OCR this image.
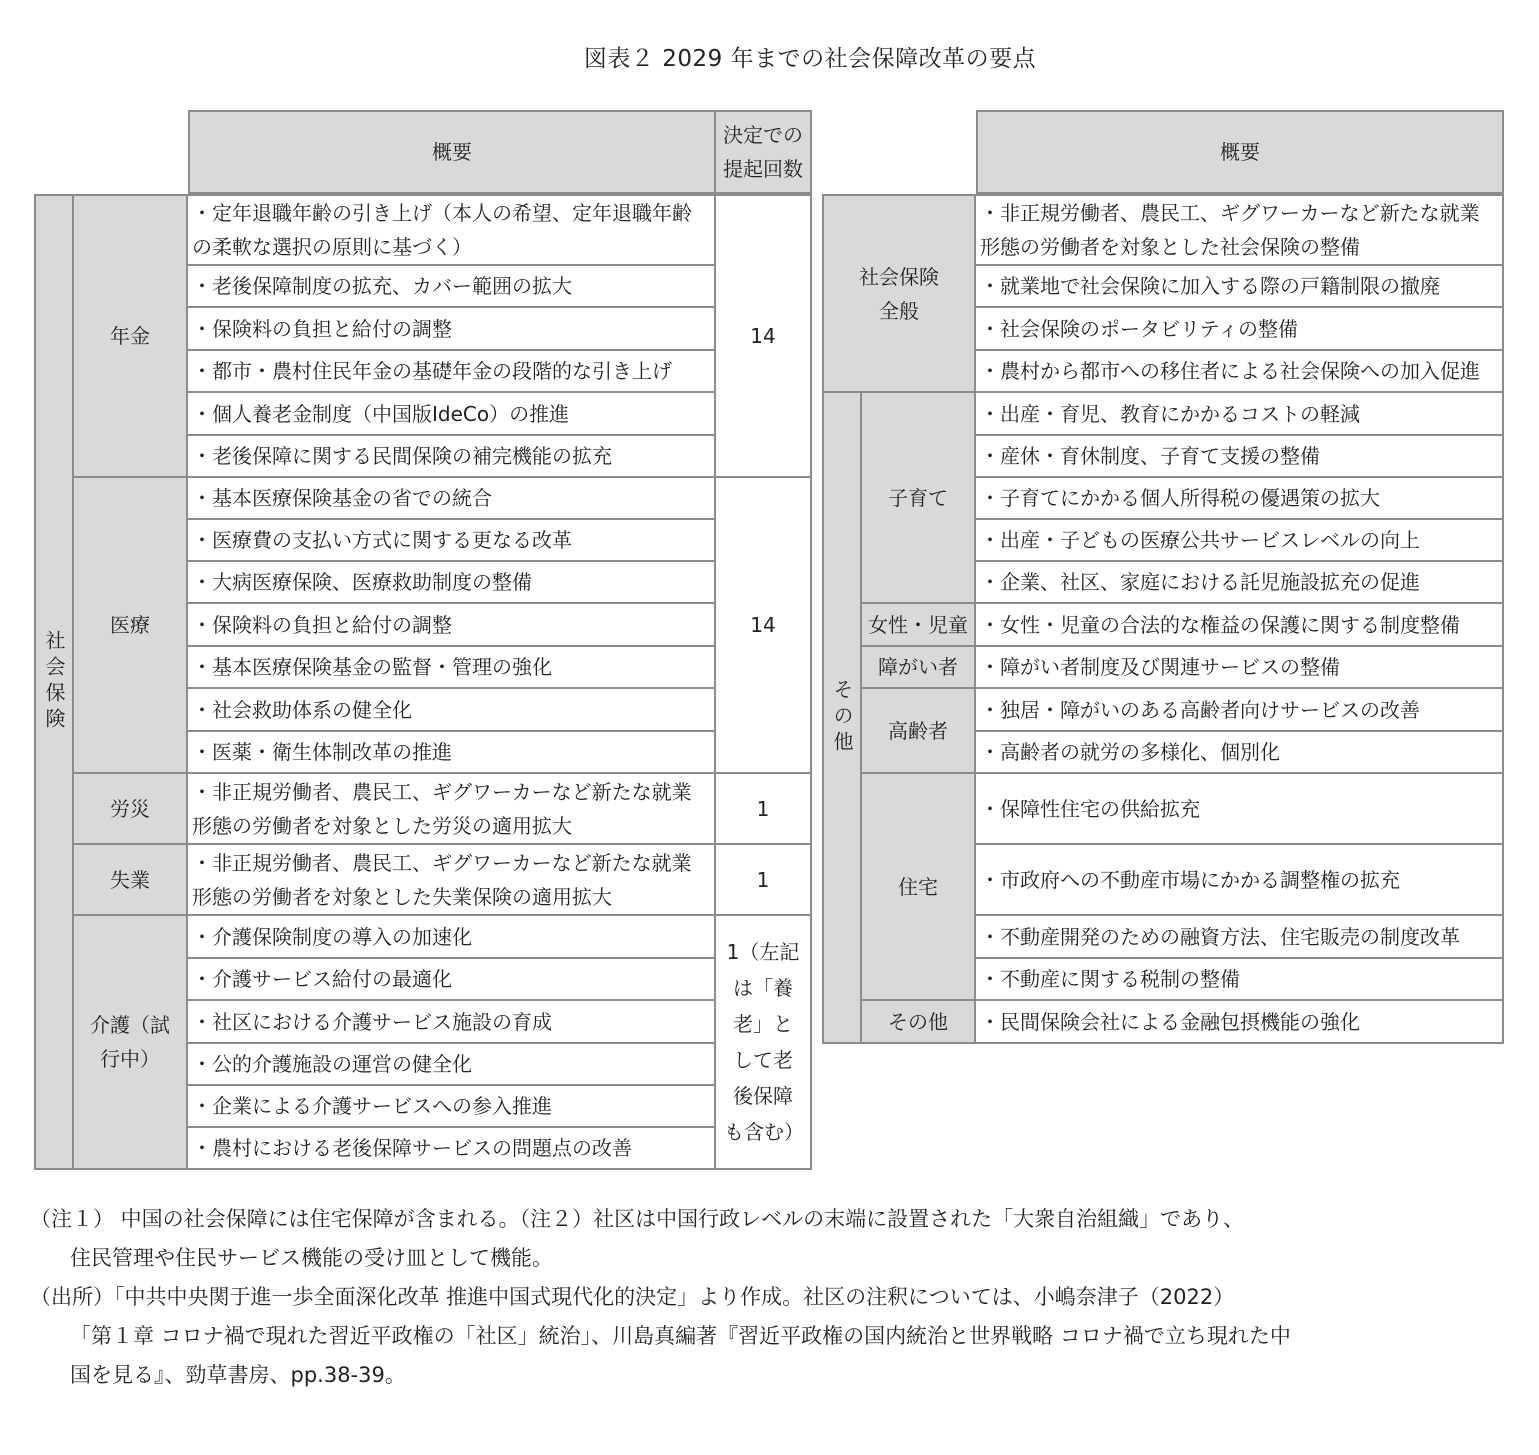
図表２ 2029 年までの社会保障改革の要点
概要
決定での提起回数
社会保険
年金
・定年退職年齢の引き上げ（本人の希望、定年退職年齢の柔軟な選択の原則に基づく）
・老後保障制度の拡充、カバー範囲の拡大
・保険料の負担と給付の調整
・都市・農村住民年金の基礎年金の段階的な引き上げ
・個人養老金制度（中国版IdeCo）の推進
・老後保障に関する民間保険の補完機能の拡充
14
医療
・基本医療保険基金の省での統合
・医療費の支払い方式に関する更なる改革
・大病医療保険、医療救助制度の整備
・保険料の負担と給付の調整
・基本医療保険基金の監督・管理の強化
・社会救助体系の健全化
・医薬・衛生体制改革の推進
14
労災
・非正規労働者、農民工、ギグワーカーなど新たな就業形態の労働者を対象とした労災の適用拡大
1
失業
・非正規労働者、農民工、ギグワーカーなど新たな就業形態の労働者を対象とした失業保険の適用拡大
1
介護（試行中）
・介護保険制度の導入の加速化
・介護サービス給付の最適化
・社区における介護サービス施設の育成
・公的介護施設の運営の健全化
・企業による介護サービスへの参入推進
・農村における老後保障サービスの問題点の改善
1（左記は「養老」として老後保障も含む）
概要
社会保険全般
・非正規労働者、農民工、ギグワーカーなど新たな就業形態の労働者を対象とした社会保険の整備
・就業地で社会保険に加入する際の戸籍制限の撤廃
・社会保険のポータビリティの整備
・農村から都市への移住者による社会保険への加入促進
その他
子育て
・出産・育児、教育にかかるコストの軽減
・産休・育休制度、子育て支援の整備
・子育てにかかる個人所得税の優遇策の拡大
・出産・子どもの医療公共サービスレベルの向上
・企業、社区、家庭における託児施設拡充の促進
女性・児童 ・女性・児童の合法的な権益の保護に関する制度整備
障がい者	・障がい者制度及び関連サービスの整備
高齢者
・独居・障がいのある高齢者向けサービスの改善
・高齢者の就労の多様化、個別化
住宅
・保障性住宅の供給拡充
・市政府への不動産市場にかかる調整権の拡充
・不動産開発のための融資方法、住宅販売の制度改革
・不動産に関する税制の整備
その他	・民間保険会社による金融包摂機能の強化

（注１） 中国の社会保障には住宅保障が含まれる。（注２）社区は中国行政レベルの末端に設置された「大衆自治組織」であり、

住民管理や住民サービス機能の受け皿として機能。

（出所）「中共中央関于進一歩全面深化改革 推進中国式現代化的決定」より作成。社区の注釈については、小嶋奈津子（2022）

「第１章 コロナ禍で現れた習近平政権の「社区」統治」、川島真編著『習近平政権の国内統治と世界戦略 コロナ禍で立ち現れた中

国を見る』、勁草書房、pp.38-39。
